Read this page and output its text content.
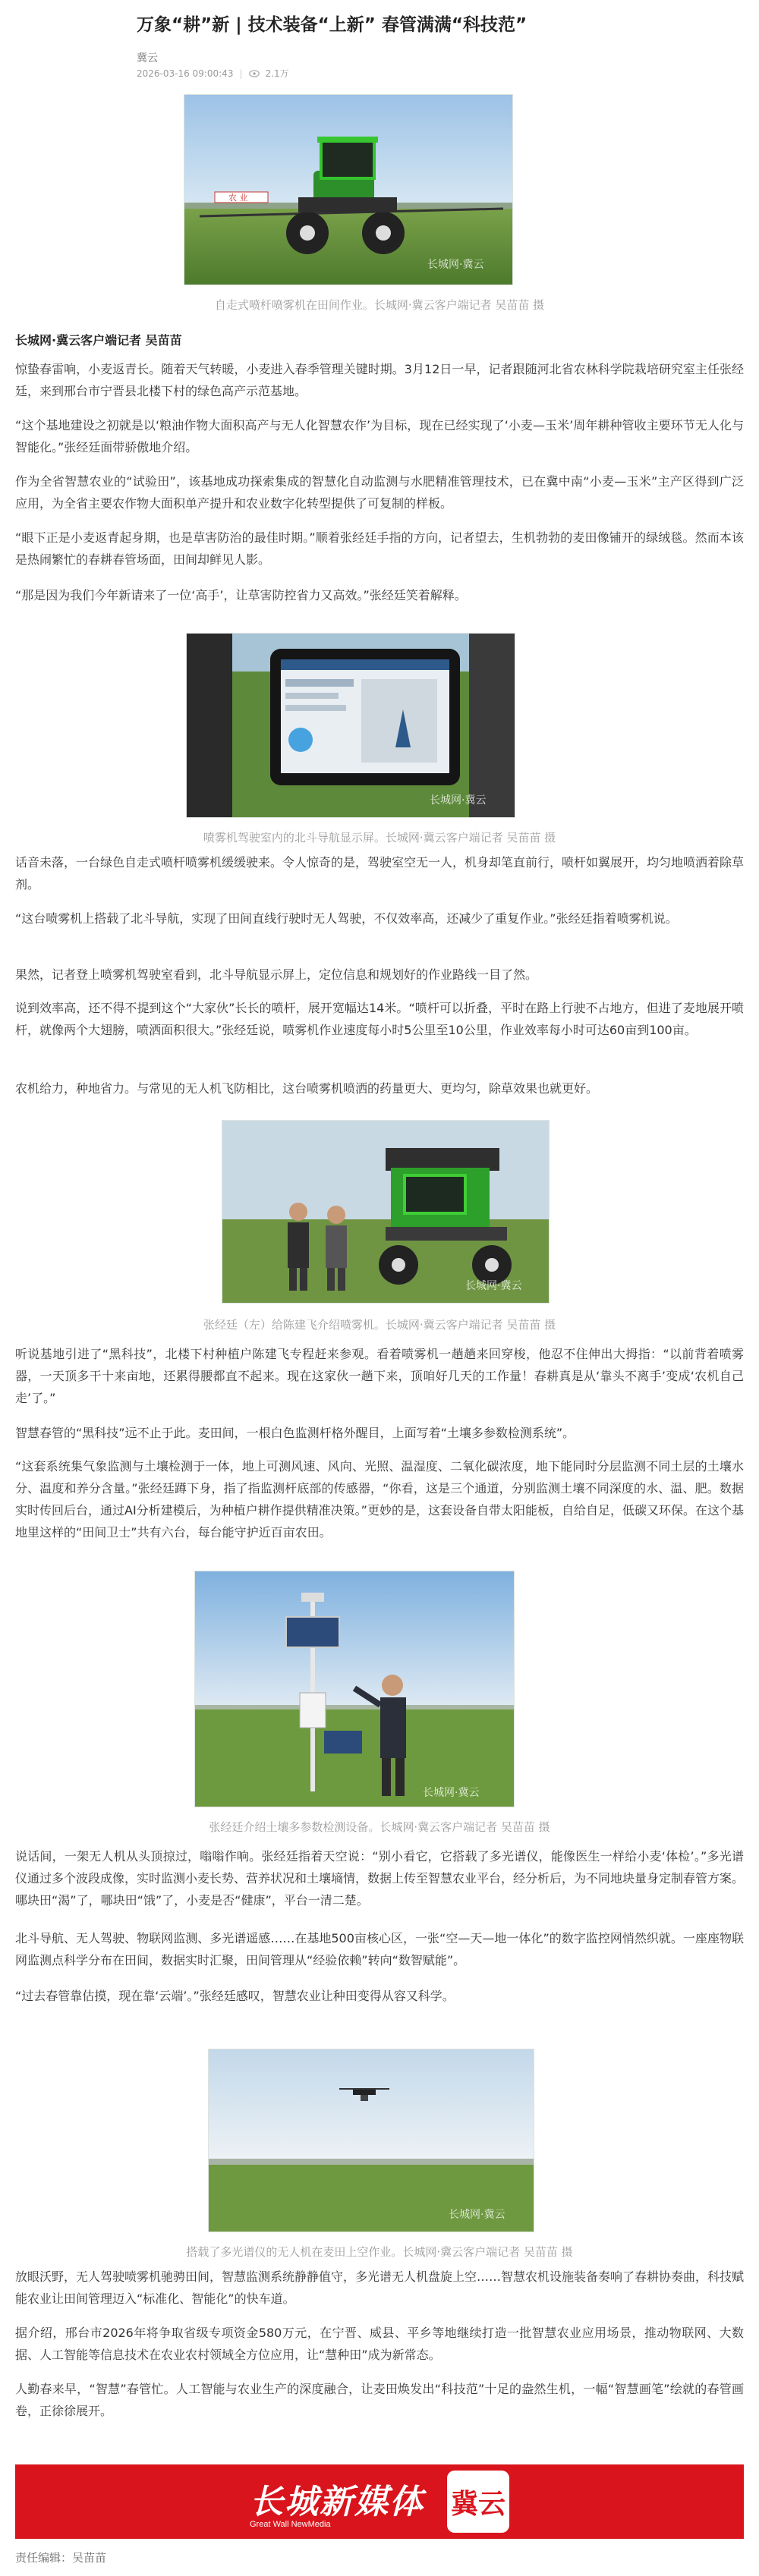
万象“耕”新 | 技术装备“上新” 春管满满“科技范”
冀云
2026-03-16 09:00:43 |	2.1万
农 业
长城网·冀云
自走式喷杆喷雾机在田间作业。长城网·冀云客户端记者 吴苗苗 摄
长城网·冀云客户端记者 吴苗苗

惊蛰春雷响，小麦返青长。随着天气转暖，小麦进入春季管理关键时期。3月12日一早，记者跟随河北省农林科学院栽培研究室主任张经廷，来到邢台市宁晋县北楼下村的绿色高产示范基地。

“这个基地建设之初就是以‘粮油作物大面积高产与无人化智慧农作’为目标，现在已经实现了‘小麦—玉米’周年耕种管收主要环节无人化与智能化。”张经廷面带骄傲地介绍。

作为全省智慧农业的“试验田”，该基地成功探索集成的智慧化自动监测与水肥精准管理技术，已在冀中南“小麦—玉米”主产区得到广泛应用，为全省主要农作物大面积单产提升和农业数字化转型提供了可复制的样板。

“眼下正是小麦返青起身期，也是草害防治的最佳时期。”顺着张经廷手指的方向，记者望去，生机勃勃的麦田像铺开的绿绒毯。然而本该是热闹繁忙的春耕春管场面，田间却鲜见人影。

“那是因为我们今年新请来了一位‘高手’，让草害防控省力又高效。”张经廷笑着解释。

长城网·冀云
喷雾机驾驶室内的北斗导航显示屏。长城网·冀云客户端记者 吴苗苗 摄

话音未落，一台绿色自走式喷杆喷雾机缓缓驶来。令人惊奇的是，驾驶室空无一人，机身却笔直前行，喷杆如翼展开，均匀地喷洒着除草剂。

“这台喷雾机上搭载了北斗导航，实现了田间直线行驶时无人驾驶，不仅效率高，还减少了重复作业。”张经廷指着喷雾机说。

果然，记者登上喷雾机驾驶室看到，北斗导航显示屏上，定位信息和规划好的作业路线一目了然。

说到效率高，还不得不提到这个“大家伙”长长的喷杆，展开宽幅达14米。“喷杆可以折叠，平时在路上行驶不占地方，但进了麦地展开喷杆，就像两个大翅膀，喷洒面积很大。”张经廷说，喷雾机作业速度每小时5公里至10公里，作业效率每小时可达60亩到100亩。

农机给力，种地省力。与常见的无人机飞防相比，这台喷雾机喷洒的药量更大、更均匀，除草效果也就更好。

长城网·冀云
张经廷（左）给陈建飞介绍喷雾机。长城网·冀云客户端记者 吴苗苗 摄

听说基地引进了“黑科技”，北楼下村种植户陈建飞专程赶来参观。看着喷雾机一趟趟来回穿梭，他忍不住伸出大拇指：“以前背着喷雾器，一天顶多干十来亩地，还累得腰都直不起来。现在这家伙一趟下来，顶咱好几天的工作量！春耕真是从‘靠头不离手’变成‘农机自己走’了。”

智慧春管的“黑科技”远不止于此。麦田间，一根白色监测杆格外醒目，上面写着“土壤多参数检测系统”。

“这套系统集气象监测与土壤检测于一体，地上可测风速、风向、光照、温湿度、二氧化碳浓度，地下能同时分层监测不同土层的土壤水分、温度和养分含量。”张经廷蹲下身，指了指监测杆底部的传感器，“你看，这是三个通道，分别监测土壤不同深度的水、温、肥。数据实时传回后台，通过AI分析建模后，为种植户耕作提供精准决策。”更妙的是，这套设备自带太阳能板，自给自足，低碳又环保。在这个基地里这样的“田间卫士”共有六台，每台能守护近百亩农田。

长城网·冀云
张经廷介绍土壤多参数检测设备。长城网·冀云客户端记者 吴苗苗 摄

说话间，一架无人机从头顶掠过，嗡嗡作响。张经廷指着天空说：“别小看它，它搭载了多光谱仪，能像医生一样给小麦‘体检’。”多光谱仪通过多个波段成像，实时监测小麦长势、营养状况和土壤墒情，数据上传至智慧农业平台，经分析后，为不同地块量身定制春管方案。哪块田“渴”了，哪块田“饿”了，小麦是否“健康”，平台一清二楚。

北斗导航、无人驾驶、物联网监测、多光谱遥感……在基地500亩核心区，一张“空—天—地一体化”的数字监控网悄然织就。一座座物联网监测点科学分布在田间，数据实时汇聚，田间管理从“经验依赖”转向“数智赋能”。

“过去春管靠估摸，现在靠‘云端’。”张经廷感叹，智慧农业让种田变得从容又科学。

长城网·冀云
搭载了多光谱仪的无人机在麦田上空作业。长城网·冀云客户端记者 吴苗苗 摄

放眼沃野，无人驾驶喷雾机驰骋田间，智慧监测系统静静值守，多光谱无人机盘旋上空……智慧农机设施装备奏响了春耕协奏曲，科技赋能农业让田间管理迈入“标准化、智能化”的快车道。

据介绍，邢台市2026年将争取省级专项资金580万元，在宁晋、威县、平乡等地继续打造一批智慧农业应用场景，推动物联网、大数据、人工智能等信息技术在农业农村领域全方位应用，让“慧种田”成为新常态。

人勤春来早，“智慧”春管忙。人工智能与农业生产的深度融合，让麦田焕发出“科技范”十足的盎然生机，一幅“智慧画笔”绘就的春管画卷，正徐徐展开。

长城新媒体
Great Wall NewMedia
冀云
责任编辑：吴苗苗
